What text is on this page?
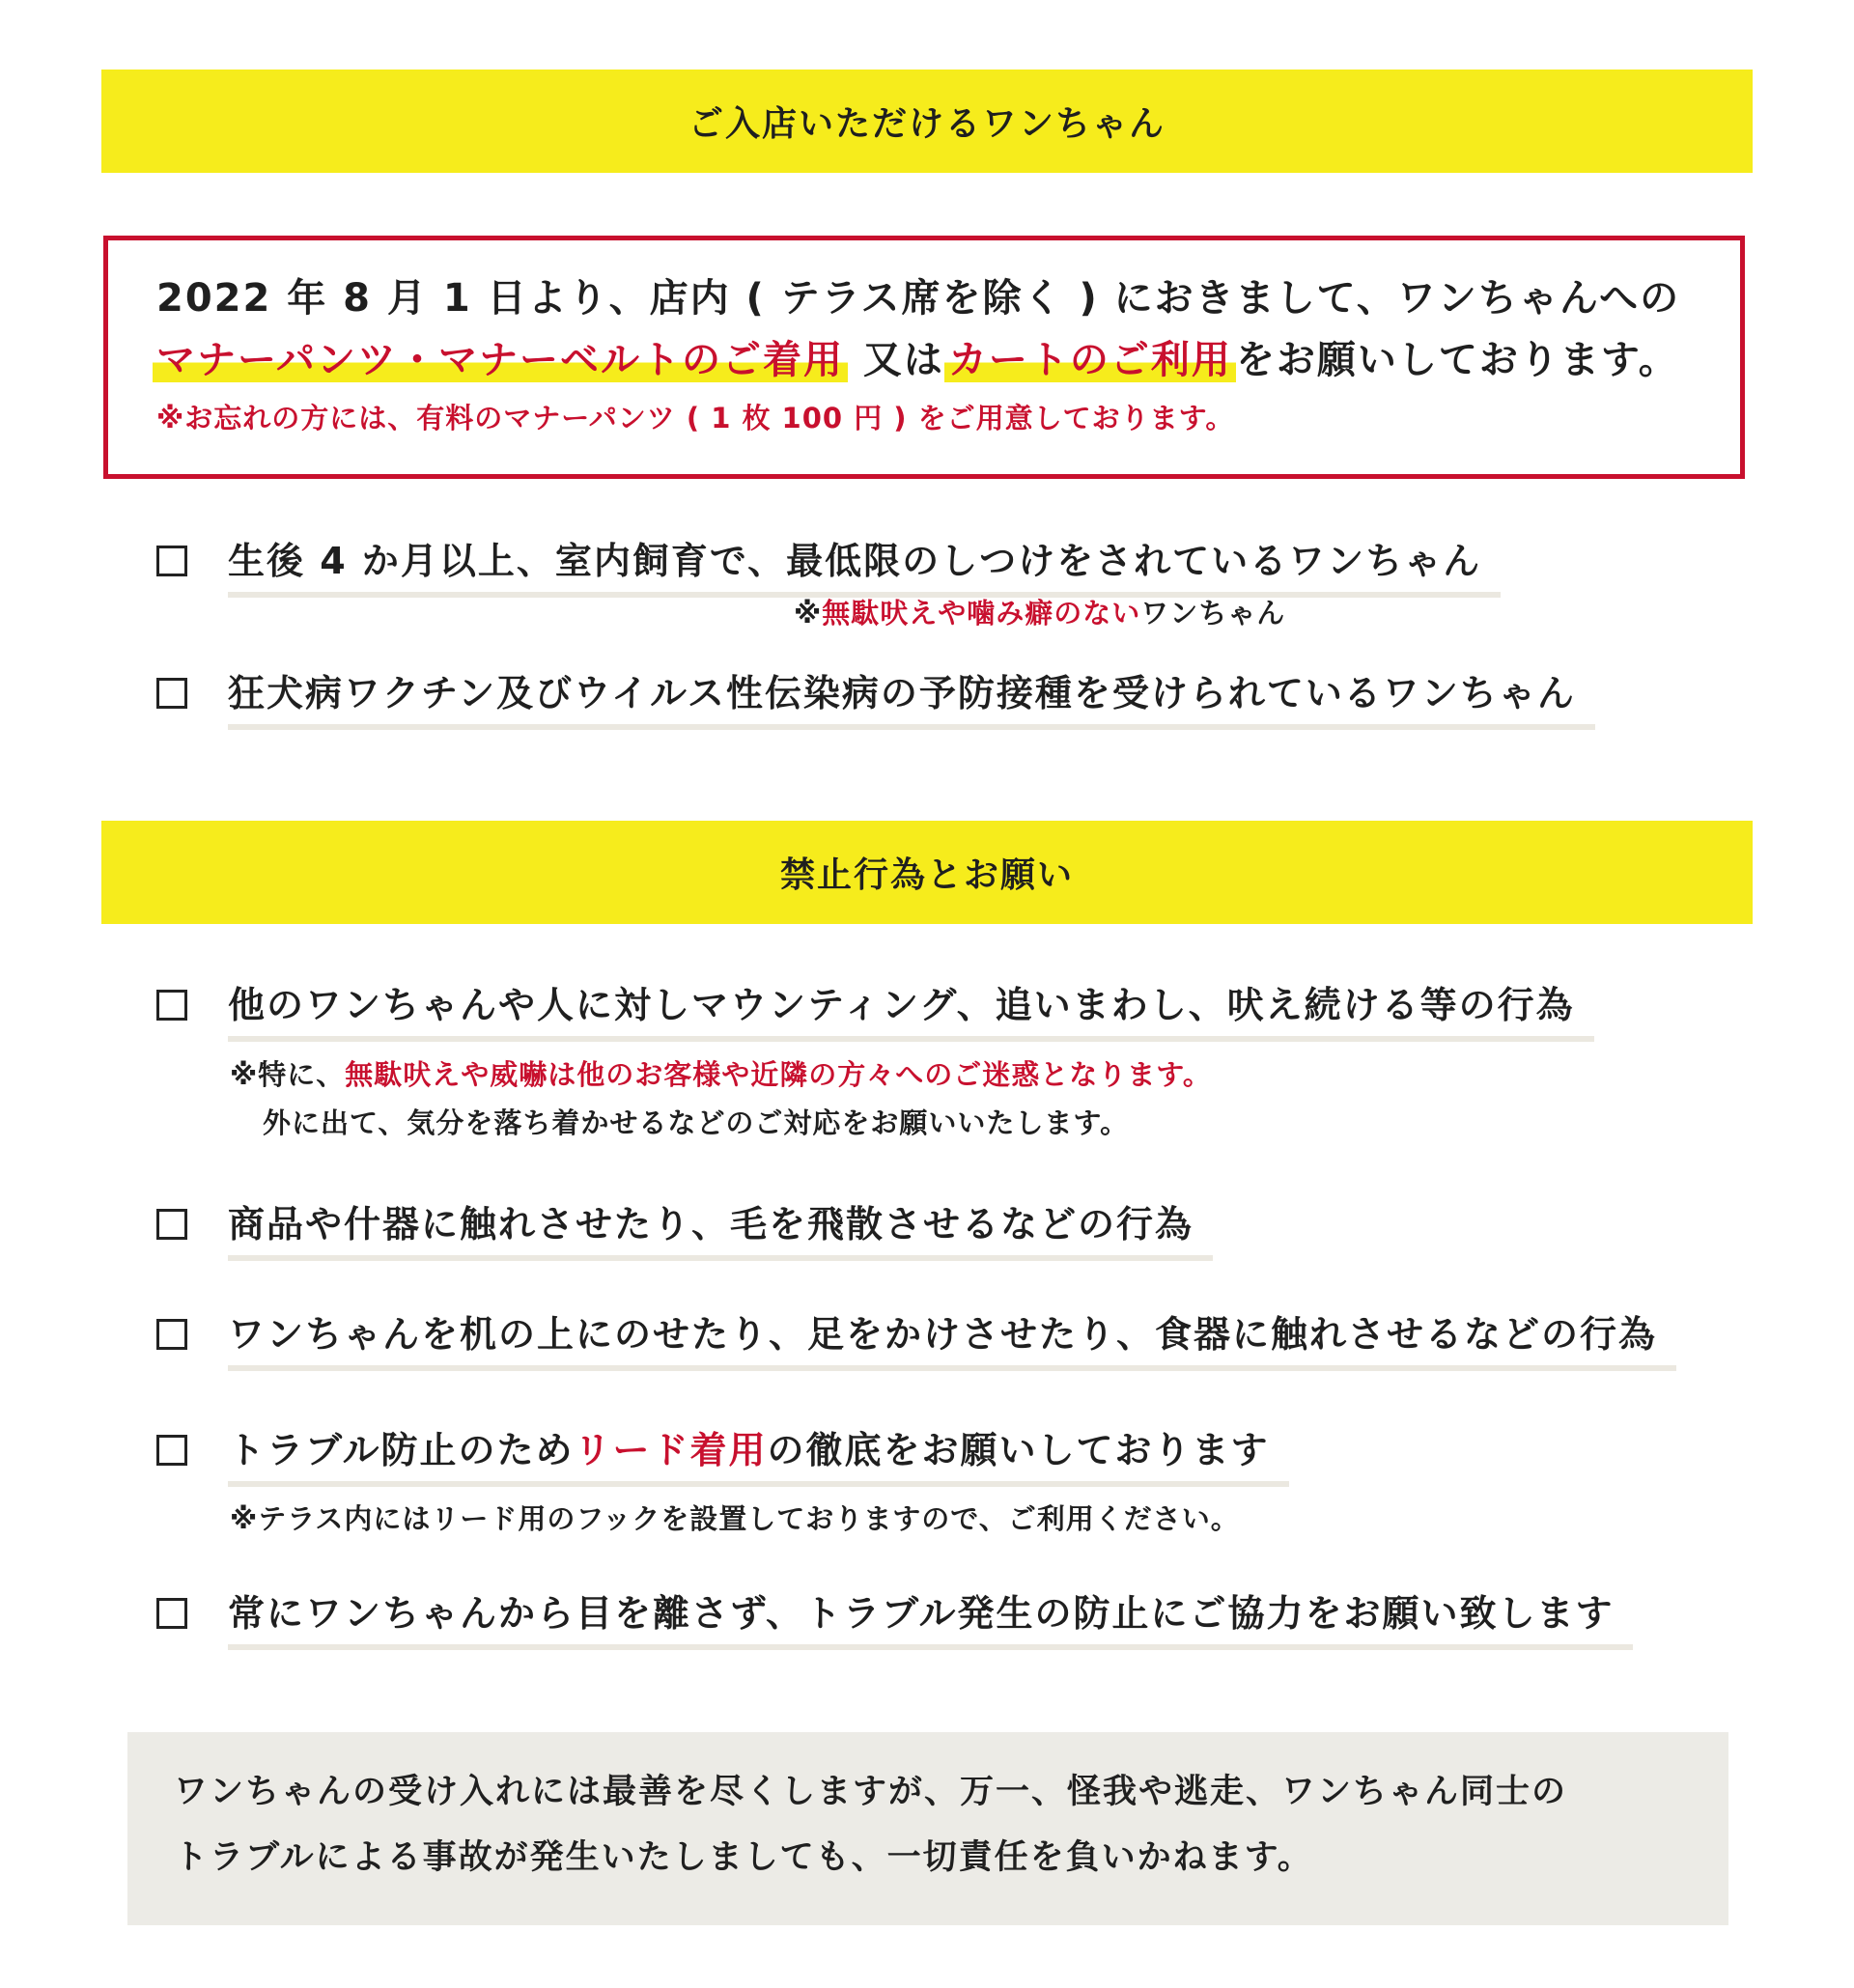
ご入店いただけるワンちゃん
2022 年 8 月 1 日より、店内 ( テラス席を除く ) におきまして、ワンちゃんへの
マナーパンツ・マナーベルトのご着用 又は カートのご利用 をお願いしております。
※お忘れの方には、有料のマナーパンツ ( 1 枚 100 円 ) をご用意しております。
生後 4 か月以上、室内飼育で、最低限のしつけをされているワンちゃん
※無駄吠えや噛み癖のないワンちゃん
狂犬病ワクチン及びウイルス性伝染病の予防接種を受けられているワンちゃん
禁止行為とお願い
他のワンちゃんや人に対しマウンティング、追いまわし、吠え続ける等の行為
※特に、無駄吠えや威嚇は他のお客様や近隣の方々へのご迷惑となります。
外に出て、気分を落ち着かせるなどのご対応をお願いいたします。
商品や什器に触れさせたり、毛を飛散させるなどの行為
ワンちゃんを机の上にのせたり、足をかけさせたり、食器に触れさせるなどの行為
トラブル防止のためリード着用の徹底をお願いしております
※テラス内にはリード用のフックを設置しておりますので、ご利用ください。
常にワンちゃんから目を離さず、トラブル発生の防止にご協力をお願い致します
ワンちゃんの受け入れには最善を尽くしますが、万一、怪我や逃走、ワンちゃん同士の
トラブルによる事故が発生いたしましても、一切責任を負いかねます。
